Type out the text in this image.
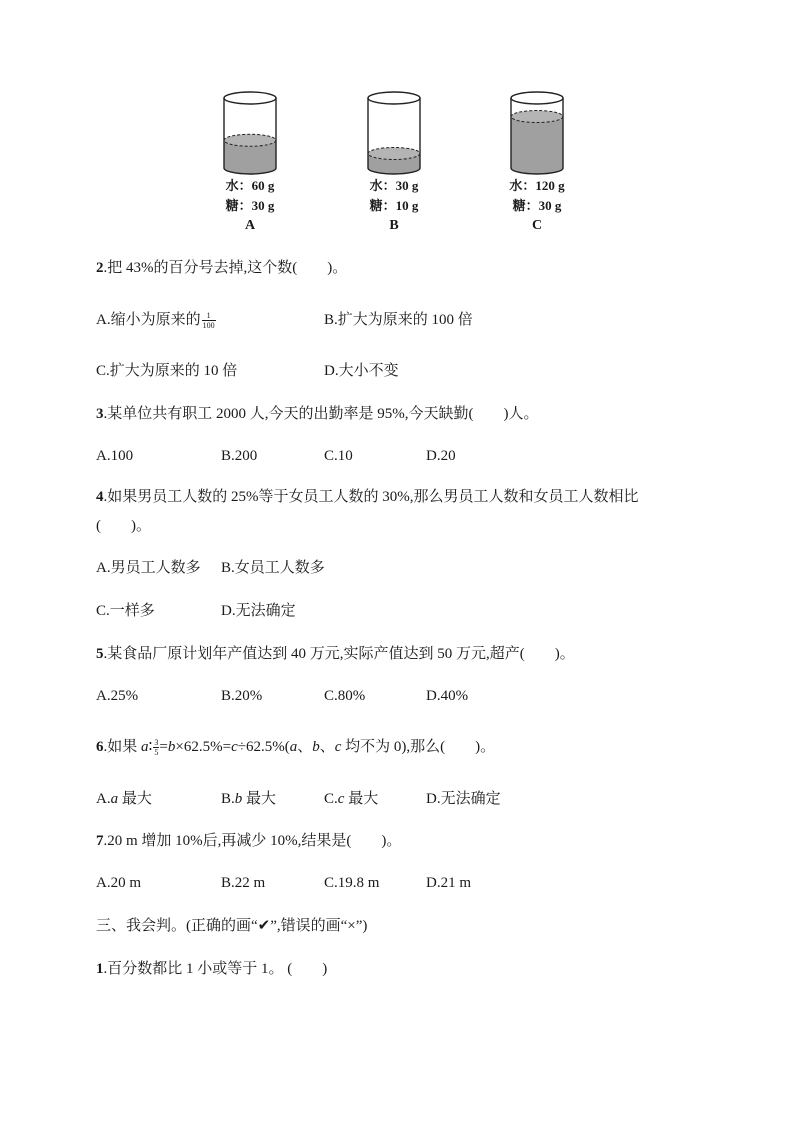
水：60 g
糖：30 g
A
水：30 g
糖：10 g
B
水：120 g
糖：30 g
C
2.把 43%的百分号去掉,这个数(　　)。
A.缩小为原来的 $\frac{1}{100}$	B.扩大为原来的 100 倍
C.扩大为原来的 10 倍	D.大小不变
3.某单位共有职工 2000 人,今天的出勤率是 95%,今天缺勤(　　)人。
A.100	B.200	C.10	D.20
4.如果男员工人数的 25%等于女员工人数的 30%,那么男员工人数和女员工人数相比
(　　)。
A.男员工人数多 B.女员工人数多
C.一样多	D.无法确定
5.某食品厂原计划年产值达到 40 万元,实际产值达到 50 万元,超产(　　)。
A.25%	B.20%	C.80%	D.40%
6.如果 a∶ $\frac{3}{5} =b\times 62.5\%=c\div 62.5\%(a$、b、c 均不为 0),那么(　　)。
A.a 最大	B.b 最大	C.c 最大	D.无法确定
7.20 m 增加 10%后,再减少 10%,结果是(　　)。
A.20 m	B.22 m	C.19.8 m	D.21 m
三、我会判。(正确的画“✔”,错误的画“×”)
1.百分数都比 1 小或等于 1。 (　　)
